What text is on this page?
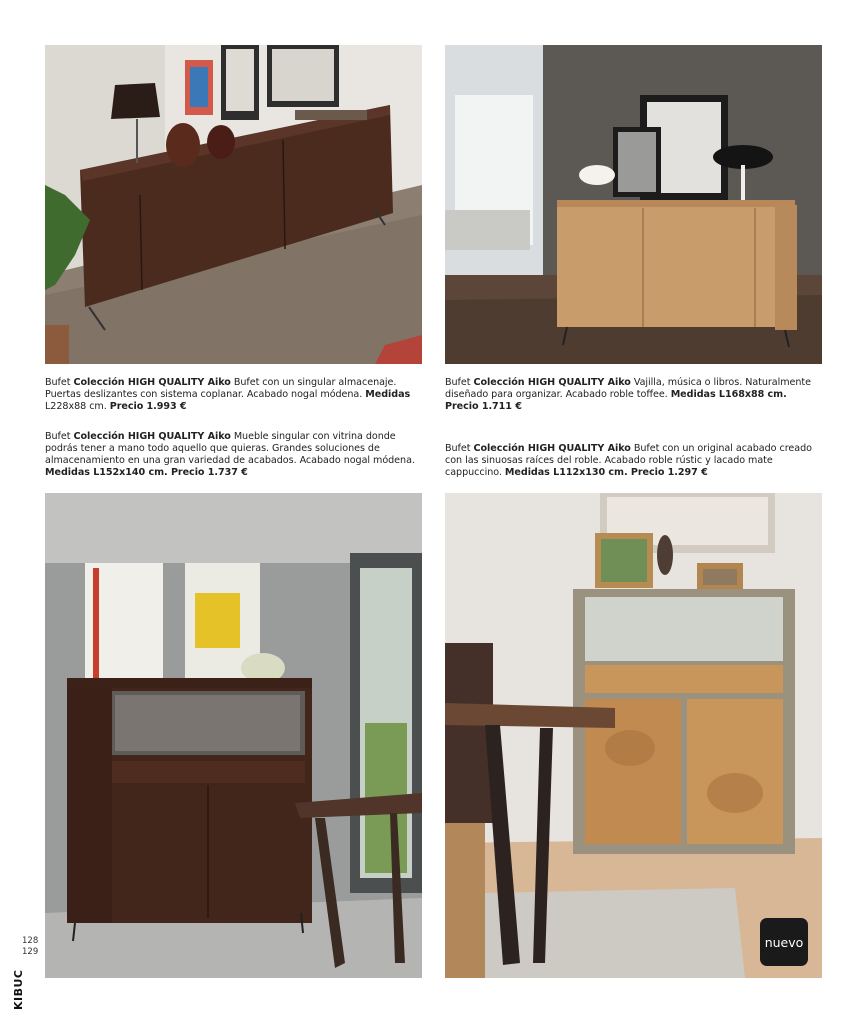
Bufet Colección HIGH QUALITY Aiko Bufet con un singular almacenaje. Puertas deslizantes con sistema coplanar. Acabado nogal módena. Medidas L228x88 cm. Precio 1.993 €
Bufet Colección HIGH QUALITY Aiko Vajilla, música o libros. Naturalmente diseñado para organizar. Acabado roble toffee. Medidas L168x88 cm.
Precio 1.711 €
Bufet Colección HIGH QUALITY Aiko Mueble singular con vitrina donde podrás tener a mano todo aquello que quieras. Grandes soluciones de almacenamiento en una gran variedad de acabados. Acabado nogal módena.
Medidas L152x140 cm. Precio 1.737 €
Bufet Colección HIGH QUALITY Aiko Bufet con un original acabado creado con las sinuosas raíces del roble. Acabado roble rústic y lacado mate cappuccino. Medidas L112x130 cm. Precio 1.297 €
128
129
KIBUC
nuevo
